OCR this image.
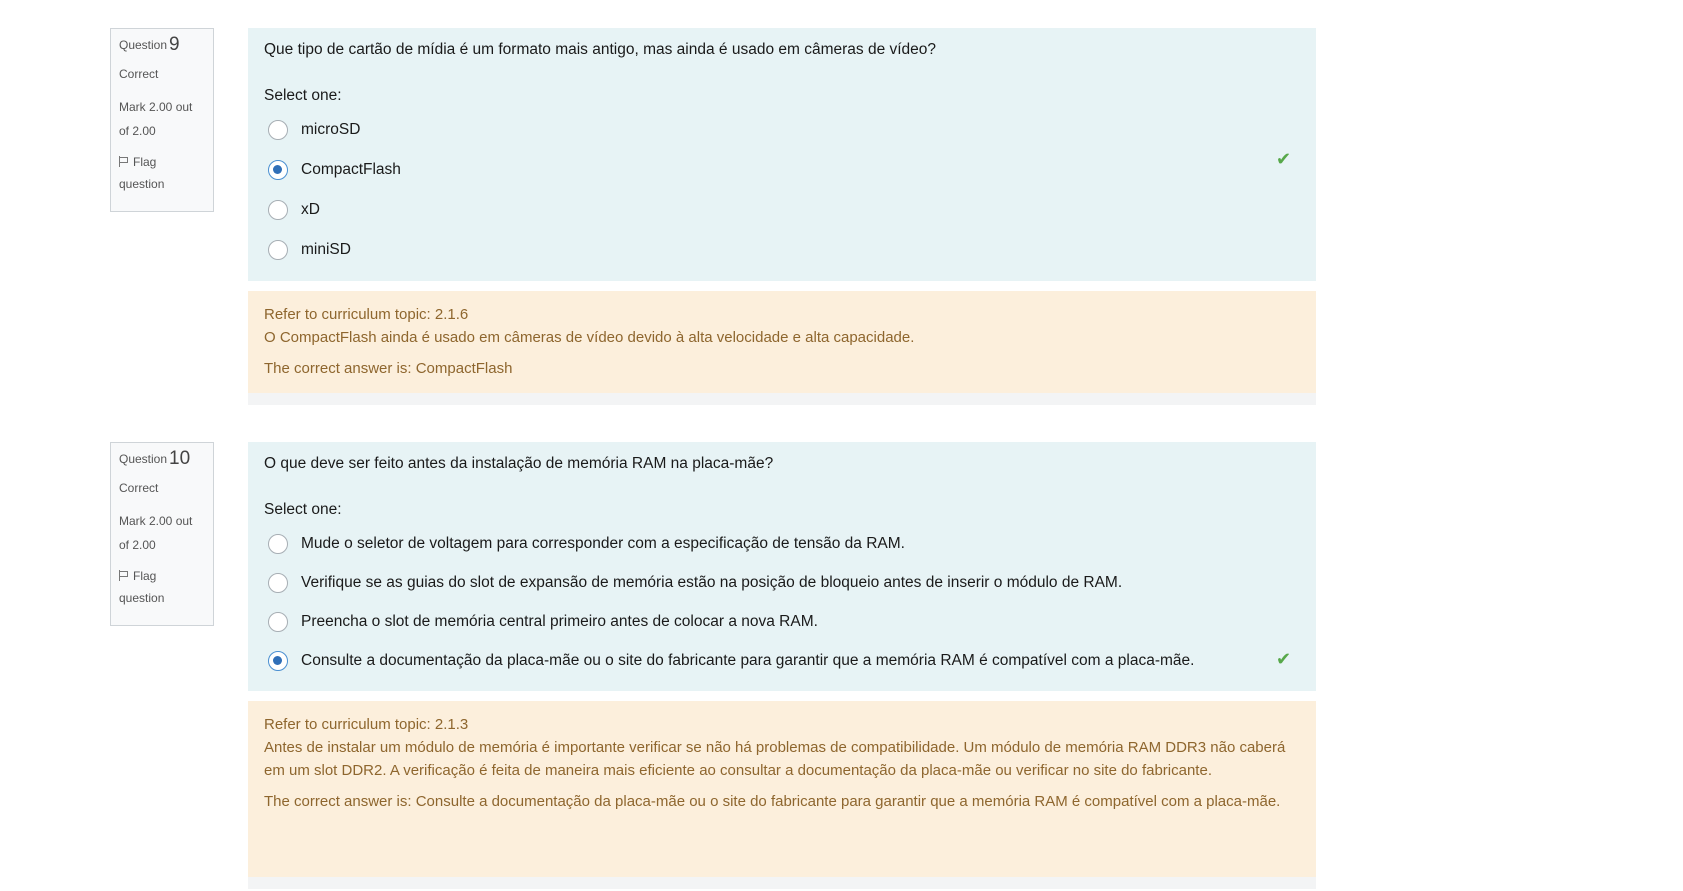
Question 9
Correct
Mark 2.00 out of 2.00
Flag question

Que tipo de cartão de mídia é um formato mais antigo, mas ainda é usado em câmeras de vídeo?

Select one:
microSD
CompactFlash
xD
miniSD
✔

Refer to curriculum topic: 2.1.6

O CompactFlash ainda é usado em câmeras de vídeo devido à alta velocidade e alta capacidade.

The correct answer is: CompactFlash

Question 10
Correct
Mark 2.00 out of 2.00
Flag question

O que deve ser feito antes da instalação de memória RAM na placa-mãe?

Select one:
Mude o seletor de voltagem para corresponder com a especificação de tensão da RAM.
Verifique se as guias do slot de expansão de memória estão na posição de bloqueio antes de inserir o módulo de RAM.
Preencha o slot de memória central primeiro antes de colocar a nova RAM.
Consulte a documentação da placa-mãe ou o site do fabricante para garantir que a memória RAM é compatível com a placa-mãe.	✔

Refer to curriculum topic: 2.1.3

Antes de instalar um módulo de memória é importante verificar se não há problemas de compatibilidade. Um módulo de memória RAM DDR3 não caberá em um slot DDR2. A verificação é feita de maneira mais eficiente ao consultar a documentação da placa-mãe ou verificar no site do fabricante.

The correct answer is: Consulte a documentação da placa-mãe ou o site do fabricante para garantir que a memória RAM é compatível com a placa-mãe.
